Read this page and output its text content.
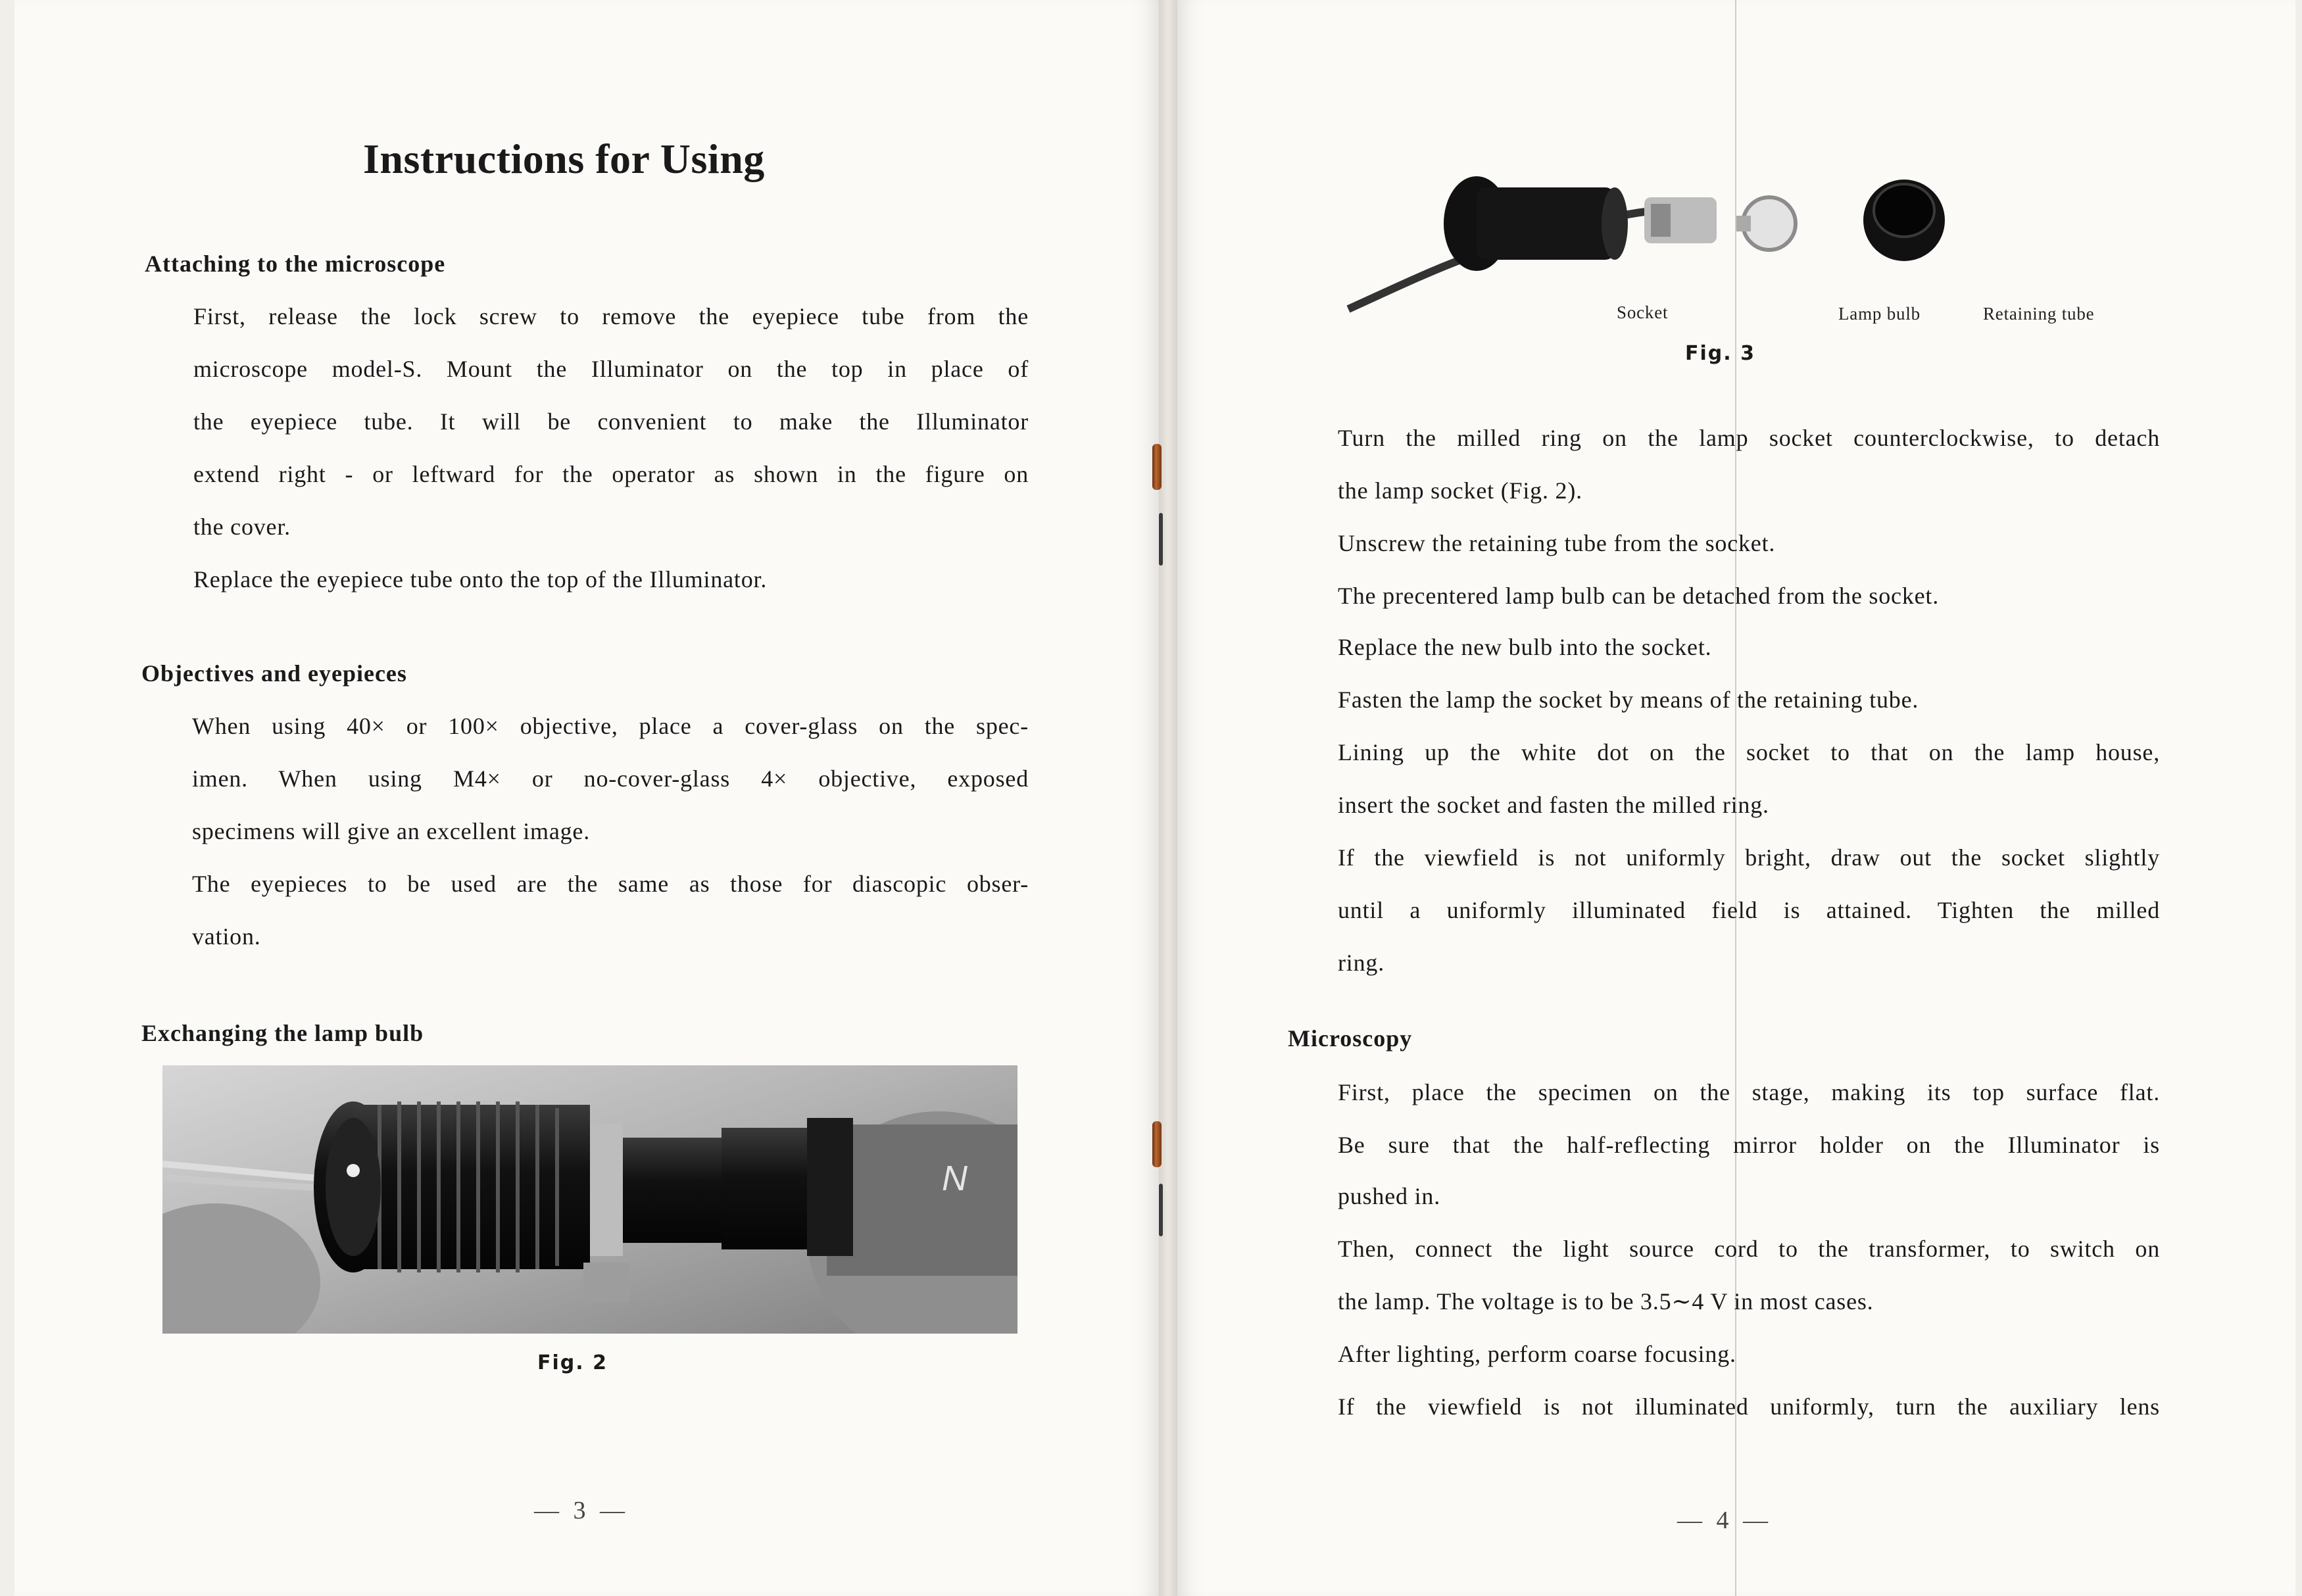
Instructions for Using
Attaching to the microscope
First, release the lock screw to remove the eyepiece tube from the
microscope model-S. Mount the Illuminator on the top in place of
the eyepiece tube. It will be convenient to make the Illuminator
extend right - or leftward for the operator as shown in the figure on
the cover.
Replace the eyepiece tube onto the top of the Illuminator.
Objectives and eyepieces
When using 40× or 100× objective, place a cover-glass on the spec-
imen. When using M4× or no-cover-glass 4× objective, exposed
specimens will give an excellent image.
The eyepieces to be used are the same as those for diascopic obser-
vation.
Exchanging the lamp bulb
N
Fig. 2
— 3 —
Socket	Lamp bulb	Retaining tube
Fig. 3
Turn the milled ring on the lamp socket counterclockwise, to detach
the lamp socket (Fig. 2).
Unscrew the retaining tube from the socket.
The precentered lamp bulb can be detached from the socket.
Replace the new bulb into the socket.
Fasten the lamp the socket by means of the retaining tube.
Lining up the white dot on the socket to that on the lamp house,
insert the socket and fasten the milled ring.
If the viewfield is not uniformly bright, draw out the socket slightly
until a uniformly illuminated field is attained. Tighten the milled
ring.
Microscopy
First, place the specimen on the stage, making its top surface flat.
Be sure that the half-reflecting mirror holder on the Illuminator is
pushed in.
Then, connect the light source cord to the transformer, to switch on
the lamp. The voltage is to be 3.5∼4 V in most cases.
After lighting, perform coarse focusing.
If the viewfield is not illuminated uniformly, turn the auxiliary lens
— 4 —
